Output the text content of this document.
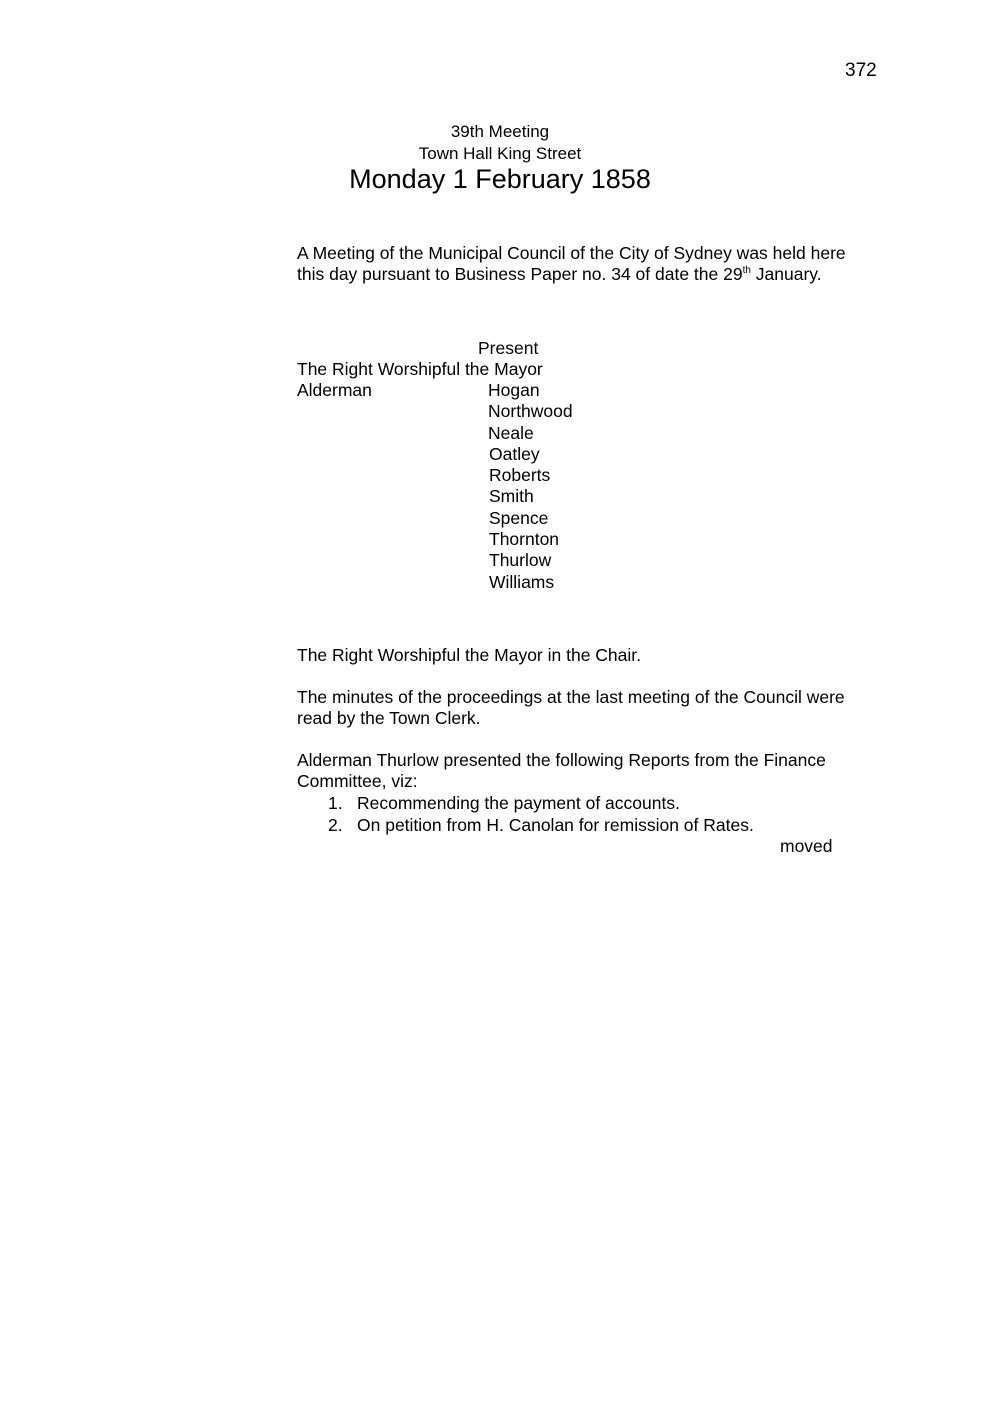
372
39th Meeting
Town Hall King Street
Monday 1 February 1858
A Meeting of the Municipal Council of the City of Sydney was held here
this day pursuant to Business Paper no. 34 of date the 29th January.
Present
The Right Worshipful the Mayor
Alderman	Hogan
Northwood
Neale
Oatley
Roberts
Smith
Spence
Thornton
Thurlow
Williams
The Right Worshipful the Mayor in the Chair.
The minutes of the proceedings at the last meeting of the Council were
read by the Town Clerk.
Alderman Thurlow presented the following Reports from the Finance
Committee, viz:
1. Recommending the payment of accounts.
2. On petition from H. Canolan for remission of Rates.
moved
